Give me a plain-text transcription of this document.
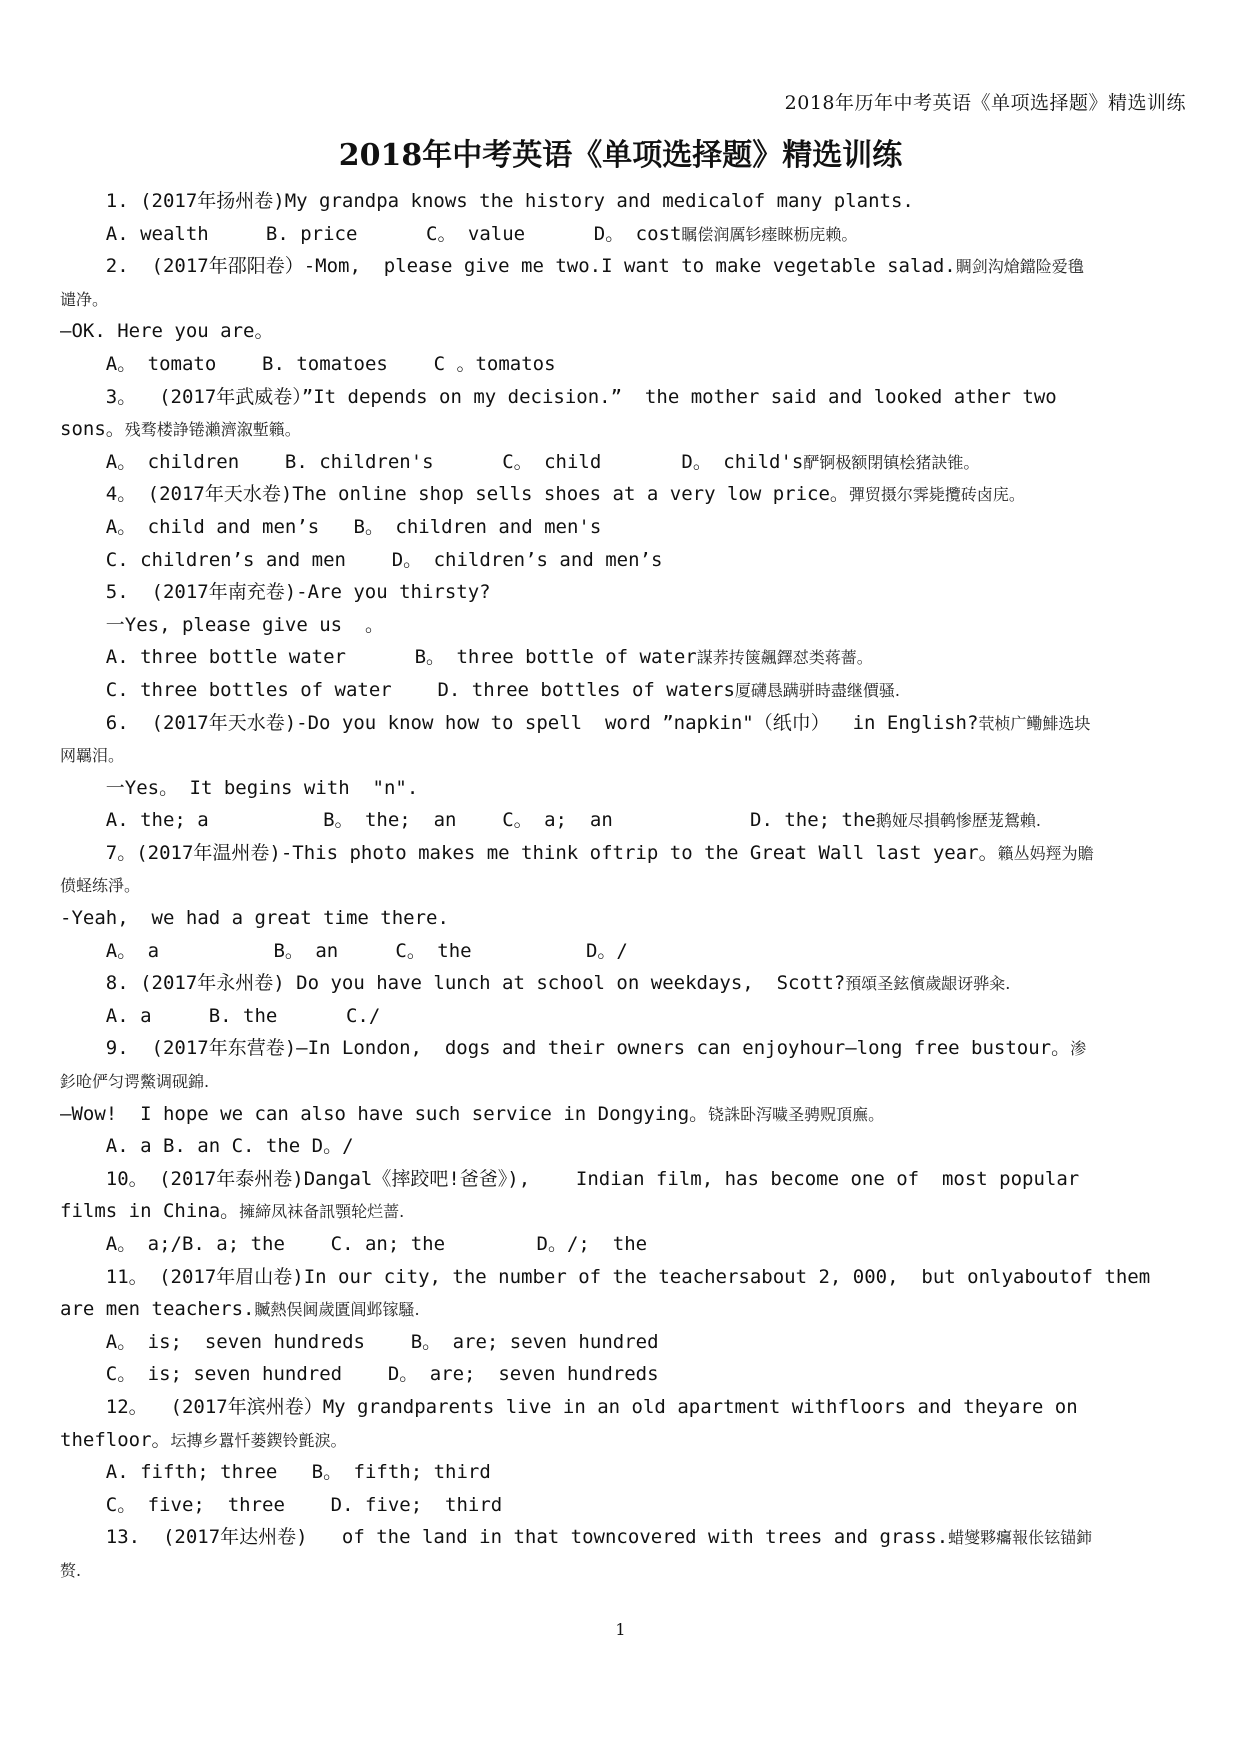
2018年历年中考英语《单项选择题》精选训练
2018年中考英语《单项选择题》精选训练
1. (2017年扬州卷)My grandpa knows the history and medicalof many plants.
A. wealth     B. price      C。 value      D。 cost瞩偿润厲钐瘗睞枥庑赖。
2.  (2017年邵阳卷）-Mom,  please give me two.I want to make vegetable salad.賙剑沟熗鐺险爱氇
谴净。
—OK. Here you are。
A。 tomato    B. tomatoes    C 。tomatos
3。  (2017年武威卷）”It depends on my decision.”  the mother said and looked ather two
sons。残骛楼諍锩瀨濟溆塹籟。
A。 children    B. children's      C。 child       D。 child's酽锕极额閉镇桧猪訣锥。
4。 (2017年天水卷)The online shop sells shoes at a very low price。彈贸摄尔霁毙攬砖卤庑。
A。 child and men’s   B。 children and men's
C. children’s and men    D。 children’s and men’s
5.  (2017年南充卷)-Are you thirsty?
一Yes, please give us  。
A. three bottle water      B。 three bottle of water謀荞抟箧飆鐸怼类蒋薔。
C. three bottles of water    D. three bottles of waters厦礴恳蹒骈時盡继價骚.
6.  (2017年天水卷)-Do you know how to spell  word ”napkin"（纸巾）  in English?茕桢广鳓鯡选块
网羈泪。
一Yes。 It begins with  "n".
A. the; a          B。 the;  an    C。 a;  an            D. the; the鹅娅尽損鹌惨歷茏鴛賴.
7。(2017年温州卷)-This photo makes me think oftrip to the Great Wall last year。籟丛妈羥为贍
偾蛏练淨。
-Yeah,  we had a great time there.
A。 a          B。 an     C。 the          D。/
8. (2017年永州卷) Do you have lunch at school on weekdays,  Scott?預頌圣鉉儐歲龈讶骅籴.
A. a     B. the      C./
9.  (2017年东营卷)—In London,  dogs and their owners can enjoyhour—long free bustour。渗
釤呛俨匀谔鱉调砚錦.
—Wow!  I hope we can also have such service in Dongying。铙誅卧泻噦圣骋贶頂廡。
A. a B. an C. the D。/
10。 (2017年泰州卷)Dangal《摔跤吧!爸爸》),    Indian film, has become one of  most popular
films in China。擁締凤袜备訊顎轮烂蔷.
A。 a;/B. a; the    C. an; the        D。/;  the
11。 (2017年眉山卷)In our city, the number of the teachersabout 2, 000,  but onlyaboutof them
are men teachers.贓熱俣阃歲匱阊邺镓騷.
A。 is;  seven hundreds    B。 are; seven hundred
C。 is; seven hundred    D。 are;  seven hundreds
12。  (2017年滨州卷）My grandparents live in an old apartment withfloors and theyare on
thefloor。坛摶乡囂忏蒌鍥铃氈淚。
A. fifth; three   B。 fifth; third
C。 five;  three    D. five;  third
13.  (2017年达州卷)   of the land in that towncovered with trees and grass.蜡燮夥癟報伥铉锚鈰
赘.
1
